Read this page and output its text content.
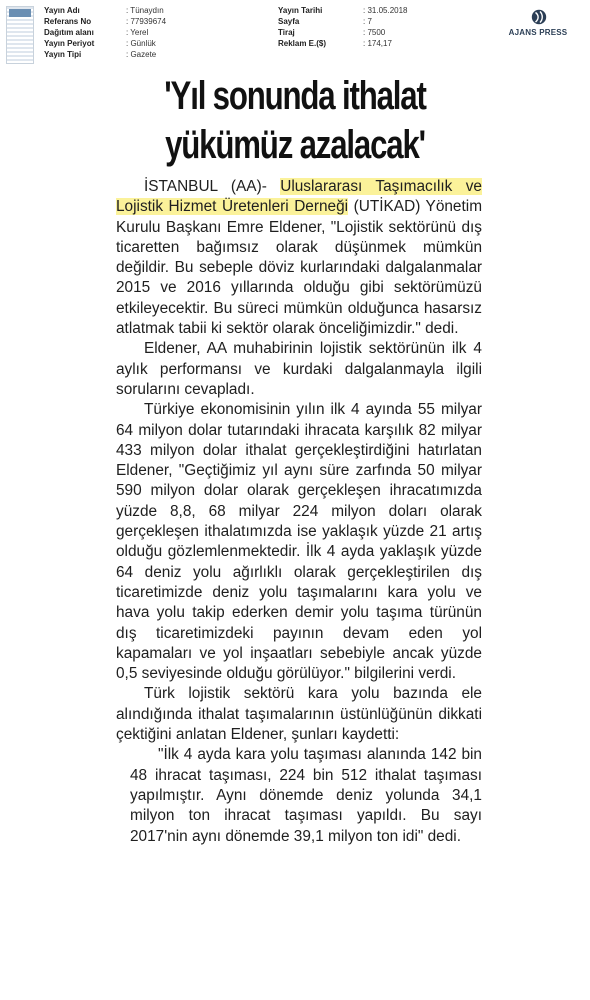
Yayın Adı	: Tünaydın
Referans No	: 77939674
Dağıtım alanı	: Yerel
Yayın Periyot	: Günlük
Yayın Tipi	: Gazete
Yayın Tarihi	: 31.05.2018
Sayfa	: 7
Tiraj	: 7500
Reklam E.($)	: 174,17
AJANS PRESS
'Yıl sonunda ithalat
yükümüz azalacak'

İSTANBUL (AA)- Uluslararası Taşımacılık ve Lojistik Hizmet Üretenleri Derneği (UTİKAD) Yönetim Kurulu Başkanı Emre Eldener, "Lojistik sektörünü dış ticaretten bağımsız olarak düşünmek mümkün değildir. Bu sebeple döviz kurlarındaki dalgalanmalar 2015 ve 2016 yıllarında olduğu gibi sektörümüzü etkileyecektir. Bu süreci mümkün olduğunca hasarsız atlatmak tabii ki sektör olarak önceliğimizdir." dedi.

Eldener, AA muhabirinin lojistik sektörünün ilk 4 aylık performansı ve kurdaki dalgalanmayla ilgili sorularını cevapladı.

Türkiye ekonomisinin yılın ilk 4 ayında 55 milyar 64 milyon dolar tutarındaki ihracata karşılık 82 milyar 433 milyon dolar ithalat gerçekleştirdiğini hatırlatan Eldener, "Geçtiğimiz yıl aynı süre zarfında 50 milyar 590 milyon dolar olarak gerçekleşen ihracatımızda yüzde 8,8, 68 milyar 224 milyon doları olarak gerçekleşen ithalatımızda ise yaklaşık yüzde 21 artış olduğu gözlemlenmektedir. İlk 4 ayda yaklaşık yüzde 64 deniz yolu ağırlıklı olarak gerçekleştirilen dış ticaretimizde deniz yolu taşımalarını kara yolu ve hava yolu takip ederken demir yolu taşıma türünün dış ticaretimizdeki payının devam eden yol kapamaları ve yol inşaatları sebebiyle ancak yüzde 0,5 seviyesinde olduğu görülüyor." bilgilerini verdi.

Türk lojistik sektörü kara yolu bazında ele alındığında ithalat taşımalarının üstünlüğünün dikkati çektiğini anlatan Eldener, şunları kaydetti:

"İlk 4 ayda kara yolu taşıması alanında 142 bin 48 ihracat taşıması, 224 bin 512 ithalat taşıması yapılmıştır. Aynı dönemde deniz yolunda 34,1 milyon ton ihracat taşıması yapıldı. Bu sayı 2017'nin aynı dönemde 39,1 milyon ton idi" dedi.
